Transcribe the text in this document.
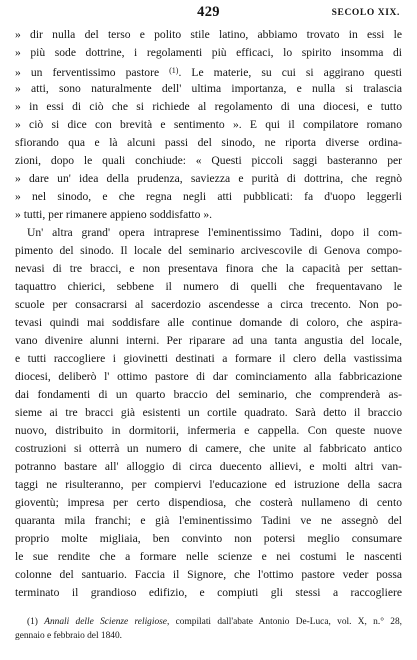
429	SECOLO XIX.
» dir nulla del terso e polito stile latino, abbiamo trovato in essi le
» più sode dottrine, i regolamenti più efficaci, lo spirito insomma di
» un ferventissimo pastore $^{(1)}$. Le materie, su cui si aggirano questi
» atti, sono naturalmente dell' ultima importanza, e nulla si tralascia
» in essi di ciò che si richiede al regolamento di una diocesi, e tutto
» ciò si dice con brevità e sentimento ». E qui il compilatore romano
sfiorando qua e là alcuni passi del sinodo, ne riporta diverse ordina-
zioni, dopo le quali conchiude: « Questi piccoli saggi basteranno per
» dare un' idea della prudenza, saviezza e purità di dottrina, che regnò
» nel sinodo, e che regna negli atti pubblicati: fa d'uopo leggerli
» tutti, per rimanere appieno soddisfatto ».
Un' altra grand' opera intraprese l'eminentissimo Tadini, dopo il com-
pimento del sinodo. Il locale del seminario arcivescovile di Genova compo-
nevasi di tre bracci, e non presentava finora che la capacità per settan-
taquattro chierici, sebbene il numero di quelli che frequentavano le
scuole per consacrarsi al sacerdozio ascendesse a circa trecento. Non po-
tevasi quindi mai soddisfare alle continue domande di coloro, che aspira-
vano divenire alunni interni. Per riparare ad una tanta angustia del locale,
e tutti raccogliere i giovinetti destinati a formare il clero della vastissima
diocesi, deliberò l' ottimo pastore di dar cominciamento alla fabbricazione
dai fondamenti di un quarto braccio del seminario, che comprenderà as-
sieme ai tre bracci già esistenti un cortile quadrato. Sarà detto il braccio
nuovo, distribuito in dormitorii, infermeria e cappella. Con queste nuove
costruzioni si otterrà un numero di camere, che unite al fabbricato antico
potranno bastare all' alloggio di circa duecento allievi, e molti altri van-
taggi ne risulteranno, per compiervi l'educazione ed istruzione della sacra
gioventù; impresa per certo dispendiosa, che costerà nullameno di cento
quaranta mila franchi; e già l'eminentissimo Tadini ve ne assegnò del
proprio molte migliaia, ben convinto non potersi meglio consumare
le sue rendite che a formare nelle scienze e nei costumi le nascenti
colonne del santuario. Faccia il Signore, che l'ottimo pastore veder possa
terminato il grandioso edifizio, e compiuti gli stessi a raccogliere
(1) Annali delle Scienze religiose, compilati dall'abate Antonio De-Luca, vol. X, n.° 28,
gennaio e febbraio del 1840.
